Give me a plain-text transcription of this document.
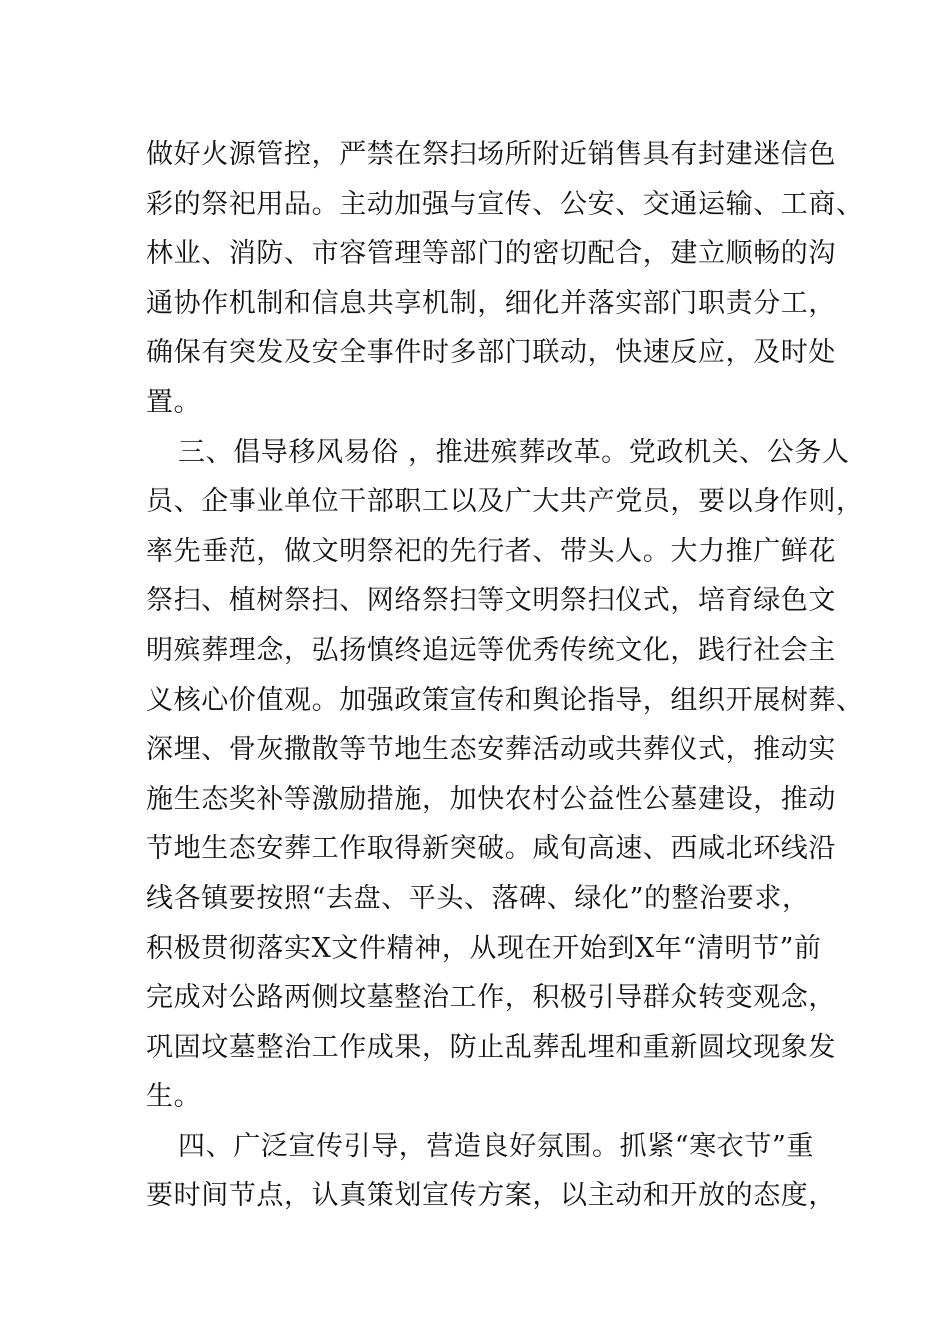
做好火源管控，严禁在祭扫场所附近销售具有封建迷信色
彩的祭祀用品。主动加强与宣传、公安、交通运输、工商、
林业、消防、市容管理等部门的密切配合，建立顺畅的沟
通协作机制和信息共享机制，细化并落实部门职责分工，
确保有突发及安全事件时多部门联动，快速反应，及时处
置。
三、倡导移风易俗 ，推进殡葬改革。党政机关、公务人
员、企事业单位干部职工以及广大共产党员，要以身作则，
率先垂范，做文明祭祀的先行者、带头人。大力推广鲜花
祭扫、植树祭扫、网络祭扫等文明祭扫仪式，培育绿色文
明殡葬理念，弘扬慎终追远等优秀传统文化，践行社会主
义核心价值观。加强政策宣传和舆论指导，组织开展树葬、
深埋、骨灰撒散等节地生态安葬活动或共葬仪式，推动实
施生态奖补等激励措施，加快农村公益性公墓建设，推动
节地生态安葬工作取得新突破。咸旬高速、西咸北环线沿
线各镇要按照“去盘、平头、落碑、绿化”的整治要求，
积极贯彻落实X文件精神，从现在开始到X年“清明节”前
完成对公路两侧坟墓整治工作，积极引导群众转变观念，
巩固坟墓整治工作成果，防止乱葬乱埋和重新圆坟现象发
生。
四、广泛宣传引导，营造良好氛围。抓紧“寒衣节”重
要时间节点，认真策划宣传方案，以主动和开放的态度，
